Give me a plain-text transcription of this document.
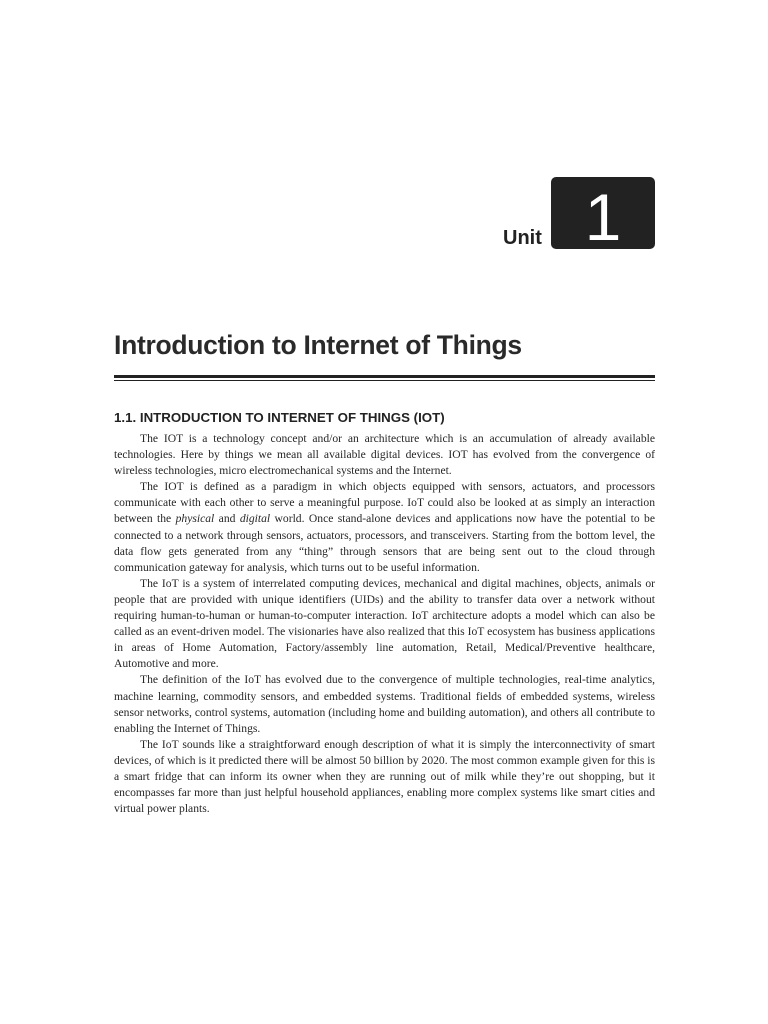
Unit 1
Introduction to Internet of Things
1.1. INTRODUCTION TO INTERNET OF THINGS (IOT)

The IOT is a technology concept and/or an architecture which is an accumulation of already available technologies. Here by things we mean all available digital devices. IOT has evolved from the convergence of wireless technologies, micro electromechanical systems and the Internet.

The IOT is defined as a paradigm in which objects equipped with sensors, actuators, and processors communicate with each other to serve a meaningful purpose. IoT could also be looked at as simply an interaction between the physical and digital world. Once stand-alone devices and applications now have the potential to be connected to a network through sensors, actuators, processors, and transceivers. Starting from the bottom level, the data flow gets generated from any “thing” through sensors that are being sent out to the cloud through communication gateway for analysis, which turns out to be useful information.

The IoT is a system of interrelated computing devices, mechanical and digital machines, objects, animals or people that are provided with unique identifiers (UIDs) and the ability to transfer data over a network without requiring human-to-human or human-to-computer interaction. IoT architecture adopts a model which can also be called as an event-driven model. The visionaries have also realized that this IoT ecosystem has business applications in areas of Home Automation, Factory/assembly line automation, Retail, Medical/Preventive healthcare, Automotive and more.

The definition of the IoT has evolved due to the convergence of multiple technologies, real-time analytics, machine learning, commodity sensors, and embedded systems. Traditional fields of embedded systems, wireless sensor networks, control systems, automation (including home and building automation), and others all contribute to enabling the Internet of Things.

The IoT sounds like a straightforward enough description of what it is simply the interconnectivity of smart devices, of which is it predicted there will be almost 50 billion by 2020. The most common example given for this is a smart fridge that can inform its owner when they are running out of milk while they’re out shopping, but it encompasses far more than just helpful household appliances, enabling more complex systems like smart cities and virtual power plants.
